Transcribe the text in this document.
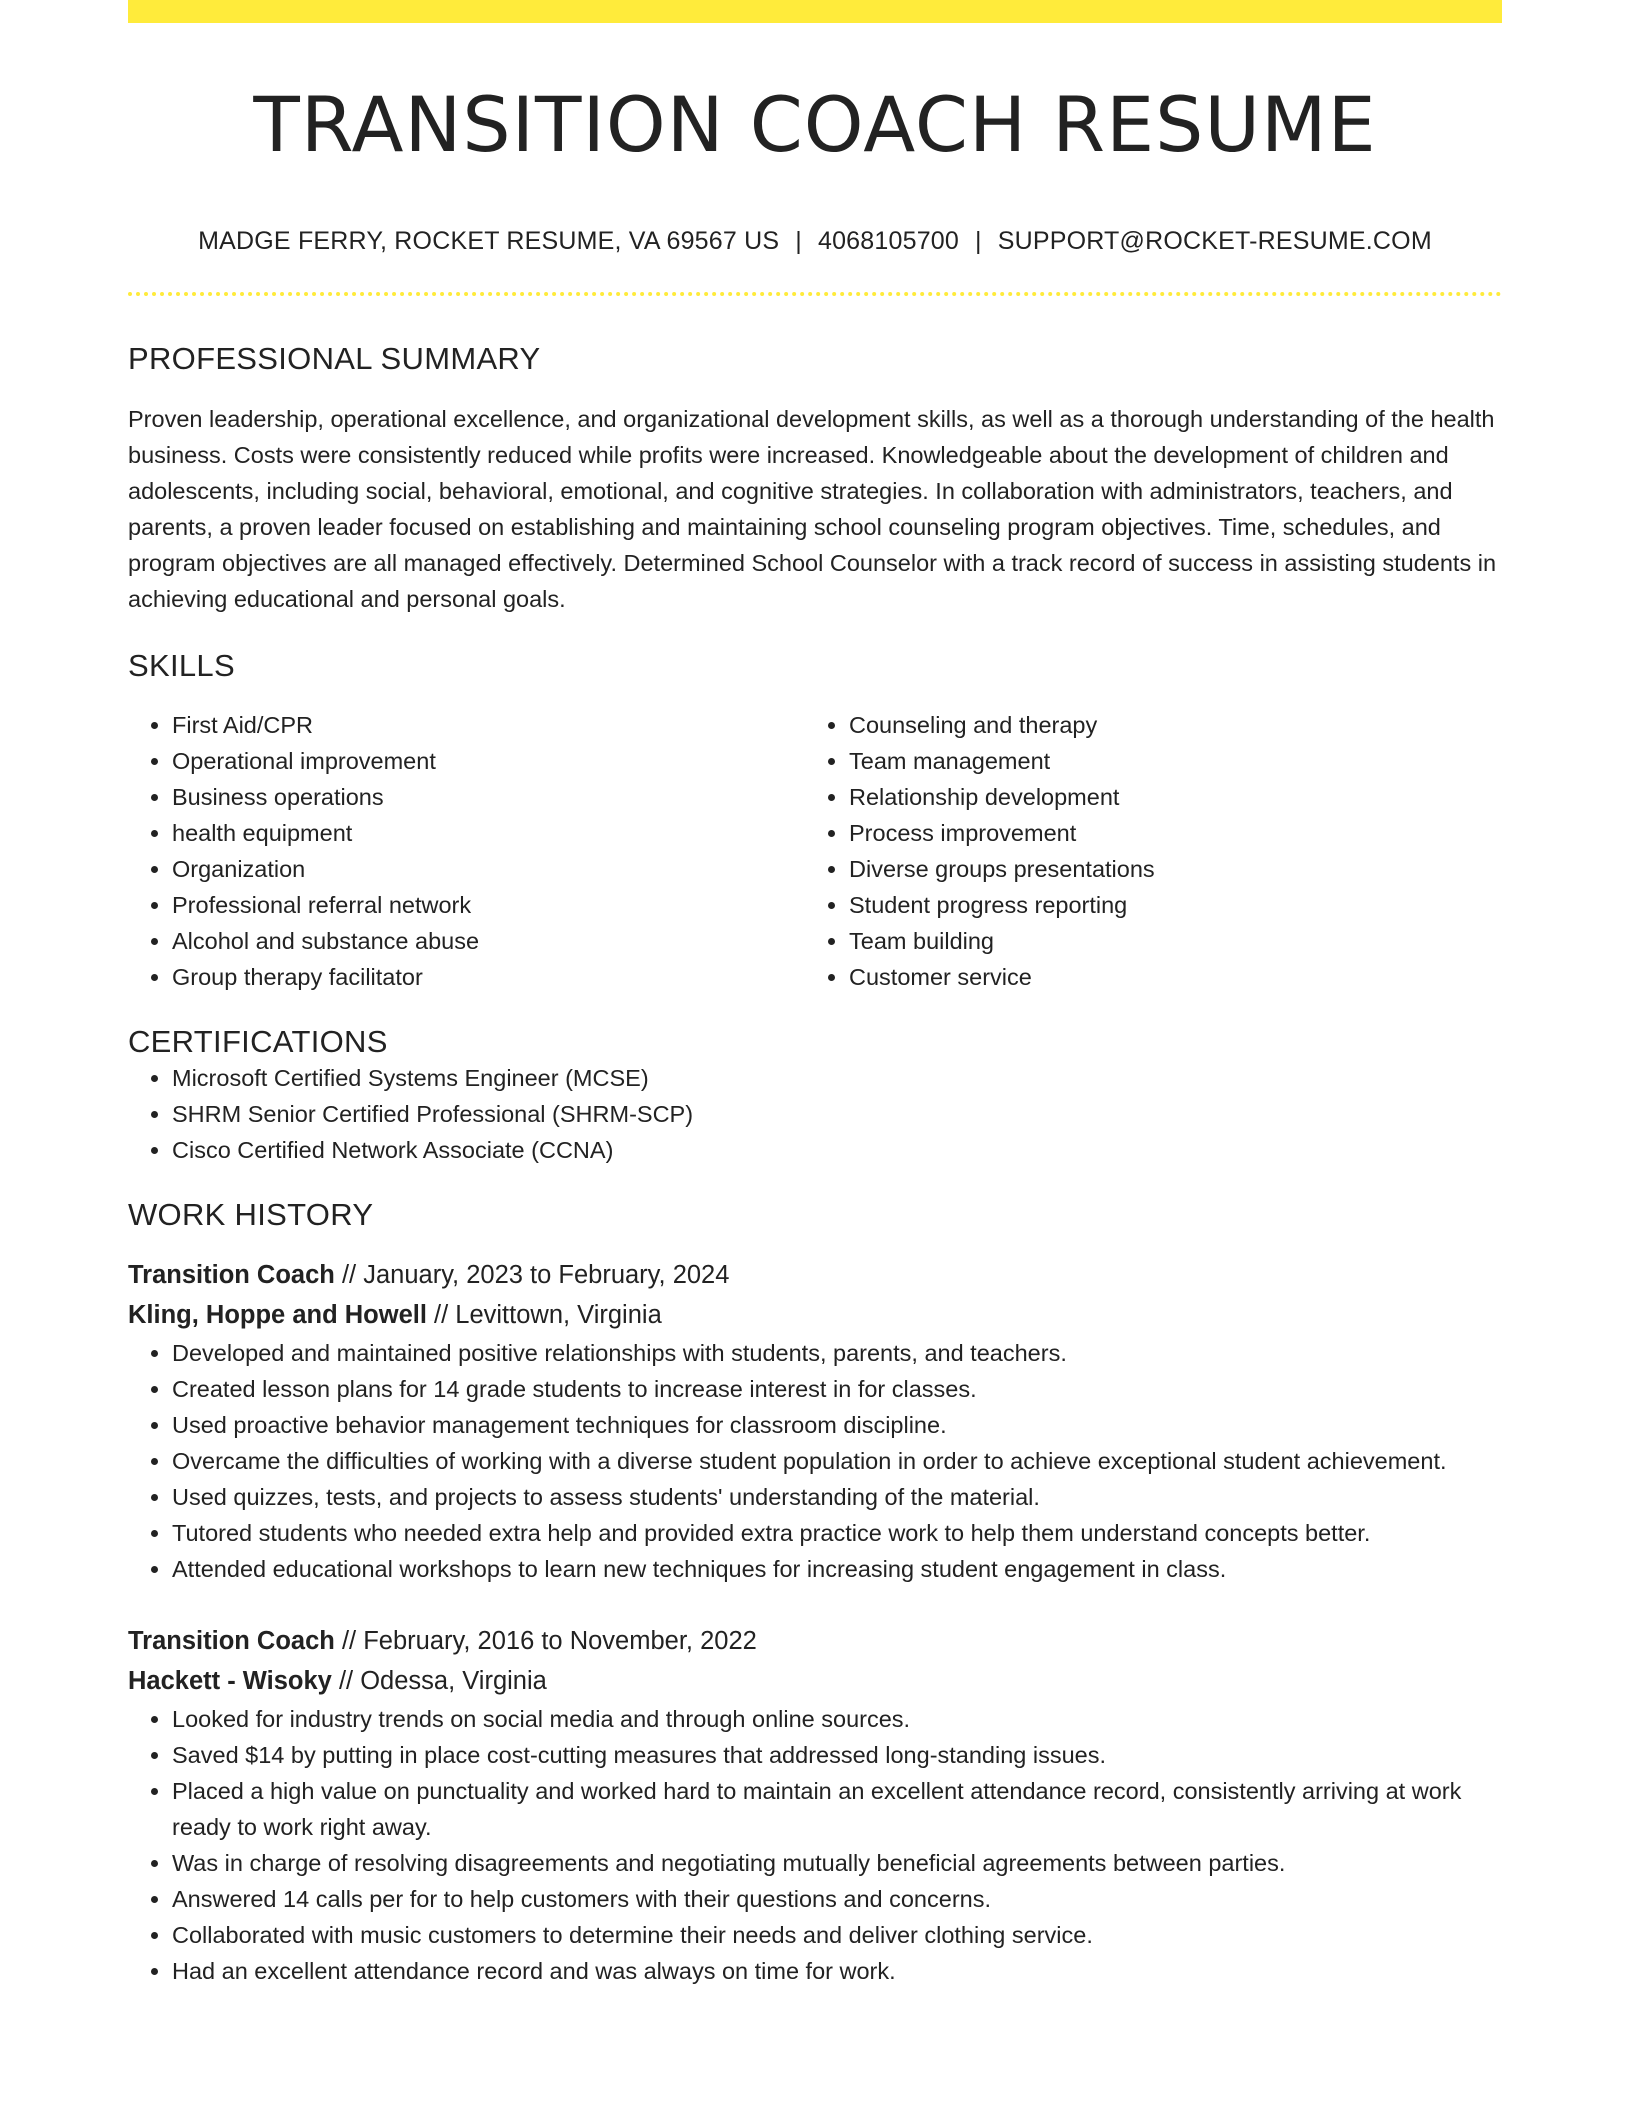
TRANSITION COACH RESUME
MADGE FERRY, ROCKET RESUME, VA 69567 US | 4068105700 | SUPPORT@ROCKET-RESUME.COM
PROFESSIONAL SUMMARY

Proven leadership, operational excellence, and organizational development skills, as well as a thorough understanding of the health business. Costs were consistently reduced while profits were increased. Knowledgeable about the development of children and adolescents, including social, behavioral, emotional, and cognitive strategies. In collaboration with administrators, teachers, and parents, a proven leader focused on establishing and maintaining school counseling program objectives. Time, schedules, and program objectives are all managed effectively. Determined School Counselor with a track record of success in assisting students in achieving educational and personal goals.

SKILLS
• First Aid/CPR
• Operational improvement
• Business operations
• health equipment
• Organization
• Professional referral network
• Alcohol and substance abuse
• Group therapy facilitator
• Counseling and therapy
• Team management
• Relationship development
• Process improvement
• Diverse groups presentations
• Student progress reporting
• Team building
• Customer service
CERTIFICATIONS
• Microsoft Certified Systems Engineer (MCSE)
• SHRM Senior Certified Professional (SHRM-SCP)
• Cisco Certified Network Associate (CCNA)
WORK HISTORY
Transition Coach // January, 2023 to February, 2024
Kling, Hoppe and Howell // Levittown, Virginia
• Developed and maintained positive relationships with students, parents, and teachers.
• Created lesson plans for 14 grade students to increase interest in for classes.
• Used proactive behavior management techniques for classroom discipline.
• Overcame the difficulties of working with a diverse student population in order to achieve exceptional student achievement.
• Used quizzes, tests, and projects to assess students' understanding of the material.
• Tutored students who needed extra help and provided extra practice work to help them understand concepts better.
• Attended educational workshops to learn new techniques for increasing student engagement in class.
Transition Coach // February, 2016 to November, 2022
Hackett - Wisoky // Odessa, Virginia
• Looked for industry trends on social media and through online sources.
• Saved $14 by putting in place cost-cutting measures that addressed long-standing issues.
• Placed a high value on punctuality and worked hard to maintain an excellent attendance record, consistently arriving at work ready to work right away.
• Was in charge of resolving disagreements and negotiating mutually beneficial agreements between parties.
• Answered 14 calls per for to help customers with their questions and concerns.
• Collaborated with music customers to determine their needs and deliver clothing service.
• Had an excellent attendance record and was always on time for work.
